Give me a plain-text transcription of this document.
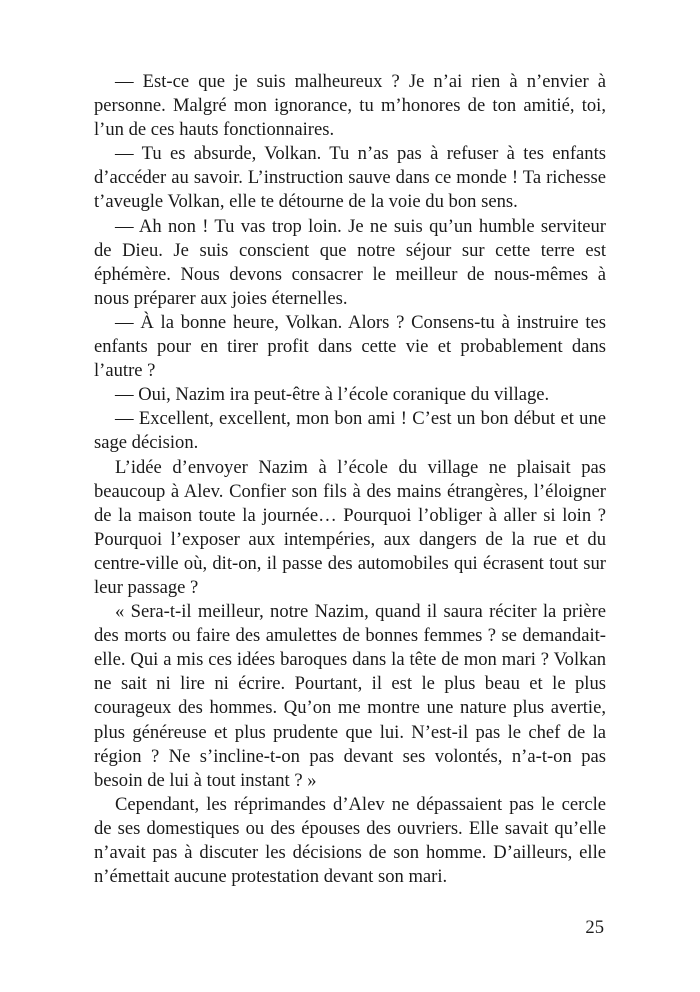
— Est-ce que je suis malheureux ? Je n’ai rien à n’envier à personne. Malgré mon ignorance, tu m’honores de ton amitié, toi, l’un de ces hauts fonctionnaires.

— Tu es absurde, Volkan. Tu n’as pas à refuser à tes enfants d’accéder au savoir. L’instruction sauve dans ce monde ! Ta richesse t’aveugle Volkan, elle te détourne de la voie du bon sens.

— Ah non ! Tu vas trop loin. Je ne suis qu’un humble serviteur de Dieu. Je suis conscient que notre séjour sur cette terre est éphémère. Nous devons consacrer le meilleur de nous-mêmes à nous préparer aux joies éternelles.

— À la bonne heure, Volkan. Alors ? Consens-tu à instruire tes enfants pour en tirer profit dans cette vie et probablement dans l’autre ?

— Oui, Nazim ira peut-être à l’école coranique du village.

— Excellent, excellent, mon bon ami ! C’est un bon début et une sage décision.

L’idée d’envoyer Nazim à l’école du village ne plaisait pas beaucoup à Alev. Confier son fils à des mains étrangères, l’éloigner de la maison toute la journée… Pourquoi l’obliger à aller si loin ? Pourquoi l’exposer aux intempéries, aux dangers de la rue et du centre-ville où, dit-on, il passe des automobiles qui écrasent tout sur leur passage ?

« Sera-t-il meilleur, notre Nazim, quand il saura réciter la prière des morts ou faire des amulettes de bonnes femmes ? se demandait-elle. Qui a mis ces idées baroques dans la tête de mon mari ? Volkan ne sait ni lire ni écrire. Pourtant, il est le plus beau et le plus courageux des hommes. Qu’on me montre une nature plus avertie, plus généreuse et plus prudente que lui. N’est-il pas le chef de la région ? Ne s’incline-t-on pas devant ses volontés, n’a-t-on pas besoin de lui à tout instant ? »

Cependant, les réprimandes d’Alev ne dépassaient pas le cercle de ses domestiques ou des épouses des ouvriers. Elle savait qu’elle n’avait pas à discuter les décisions de son homme. D’ailleurs, elle n’émettait aucune protestation devant son mari.

25
